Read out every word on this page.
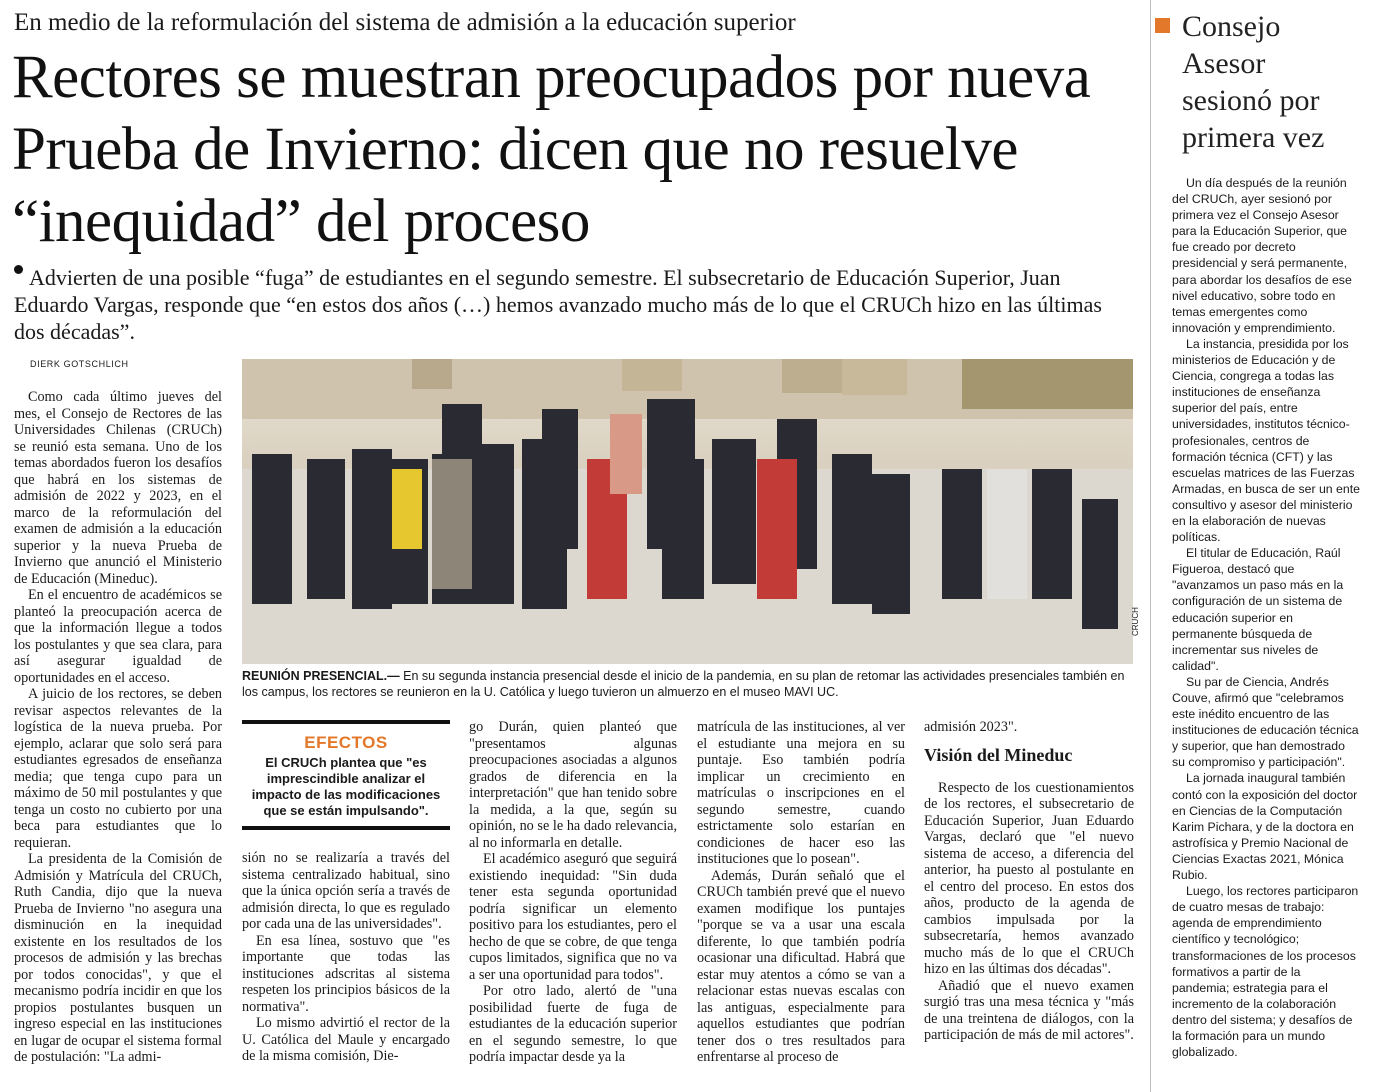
En medio de la reformulación del sistema de admisión a la educación superior
Rectores se muestran preocupados por nueva Prueba de Invierno: dicen que no resuelve “inequidad” del proceso
Advierten de una posible “fuga” de estudiantes en el segundo semestre. El subsecretario de Educación Superior, Juan Eduardo Vargas, responde que “en estos dos años (…) hemos avanzado mucho más de lo que el CRUCh hizo en las últimas dos décadas”.
DIERK GOTSCHLICH
CRUCH
REUNIÓN PRESENCIAL.— En su segunda instancia presencial desde el inicio de la pandemia, en su plan de retomar las actividades presenciales también en los campus, los rectores se reunieron en la U. Católica y luego tuvieron un almuerzo en el museo MAVI UC.

Como cada último jueves del mes, el Consejo de Rectores de las Universidades Chilenas (CRUCh) se reunió esta semana. Uno de los temas abordados fueron los desafíos que habrá en los sistemas de admisión de 2022 y 2023, en el marco de la reformulación del examen de admisión a la educación superior y la nueva Prueba de Invierno que anunció el Ministerio de Educación (Mineduc).

En el encuentro de académicos se planteó la preocupación acerca de que la información llegue a todos los postulantes y que sea clara, para así asegurar igualdad de oportunidades en el acceso.

A juicio de los rectores, se deben revisar aspectos relevantes de la logística de la nueva prueba. Por ejemplo, aclarar que solo será para estudiantes egresados de enseñanza media; que tenga cupo para un máximo de 50 mil postulantes y que tenga un costo no cubierto por una beca para estudiantes que lo requieran.

La presidenta de la Comisión de Admisión y Matrícula del CRUCh, Ruth Candia, dijo que la nueva Prueba de Invierno "no asegura una disminución en la inequidad existente en los resultados de los procesos de admisión y las brechas por todos conocidas", y que el mecanismo podría incidir en que los propios postulantes busquen un ingreso especial en las instituciones en lugar de ocupar el sistema formal de postulación: "La admi-

EFECTOS
El CRUCh plantea que "es imprescindible analizar el impacto de las modificaciones que se están impulsando".

sión no se realizaría a través del sistema centralizado habitual, sino que la única opción sería a través de admisión directa, lo que es regulado por cada una de las universidades".

En esa línea, sostuvo que "es importante que todas las instituciones adscritas al sistema respeten los principios básicos de la normativa".

Lo mismo advirtió el rector de la U. Católica del Maule y encargado de la misma comisión, Die-

go Durán, quien planteó que "presentamos algunas preocupaciones asociadas a algunos grados de diferencia en la interpretación" que han tenido sobre la medida, a la que, según su opinión, no se le ha dado relevancia, al no informarla en detalle.

El académico aseguró que seguirá existiendo inequidad: "Sin duda tener esta segunda oportunidad podría significar un elemento positivo para los estudiantes, pero el hecho de que se cobre, de que tenga cupos limitados, significa que no va a ser una oportunidad para todos".

Por otro lado, alertó de "una posibilidad fuerte de fuga de estudiantes de la educación superior en el segundo semestre, lo que podría impactar desde ya la

matrícula de las instituciones, al ver el estudiante una mejora en su puntaje. Eso también podría implicar un crecimiento en matrículas o inscripciones en el segundo semestre, cuando estrictamente solo estarían en condiciones de hacer eso las instituciones que lo posean".

Además, Durán señaló que el CRUCh también prevé que el nuevo examen modifique los puntajes "porque se va a usar una escala diferente, lo que también podría ocasionar una dificultad. Habrá que estar muy atentos a cómo se van a relacionar estas nuevas escalas con las antiguas, especialmente para aquellos estudiantes que podrían tener dos o tres resultados para enfrentarse al proceso de

admisión 2023".

Visión del Mineduc

Respecto de los cuestionamientos de los rectores, el subsecretario de Educación Superior, Juan Eduardo Vargas, declaró que "el nuevo sistema de acceso, a diferencia del anterior, ha puesto al postulante en el centro del proceso. En estos dos años, producto de la agenda de cambios impulsada por la subsecretaría, hemos avanzado mucho más de lo que el CRUCh hizo en las últimas dos décadas".

Añadió que el nuevo examen surgió tras una mesa técnica y "más de una treintena de diálogos, con la participación de más de mil actores".

Consejo Asesor sesionó por primera vez

Un día después de la reunión del CRUCh, ayer sesionó por primera vez el Consejo Asesor para la Educación Superior, que fue creado por decreto presidencial y será permanente, para abordar los desafíos de ese nivel educativo, sobre todo en temas emergentes como innovación y emprendimiento.

La instancia, presidida por los ministerios de Educación y de Ciencia, congrega a todas las instituciones de enseñanza superior del país, entre universidades, institutos técnico-profesionales, centros de formación técnica (CFT) y las escuelas matrices de las Fuerzas Armadas, en busca de ser un ente consultivo y asesor del ministerio en la elaboración de nuevas políticas.

El titular de Educación, Raúl Figueroa, destacó que "avanzamos un paso más en la configuración de un sistema de educación superior en permanente búsqueda de incrementar sus niveles de calidad".

Su par de Ciencia, Andrés Couve, afirmó que "celebramos este inédito encuentro de las instituciones de educación técnica y superior, que han demostrado su compromiso y participación".

La jornada inaugural también contó con la exposición del doctor en Ciencias de la Computación Karim Pichara, y de la doctora en astrofísica y Premio Nacional de Ciencias Exactas 2021, Mónica Rubio.

Luego, los rectores participaron de cuatro mesas de trabajo: agenda de emprendimiento científico y tecnológico; transformaciones de los procesos formativos a partir de la pandemia; estrategia para el incremento de la colaboración dentro del sistema; y desafíos de la formación para un mundo globalizado.
